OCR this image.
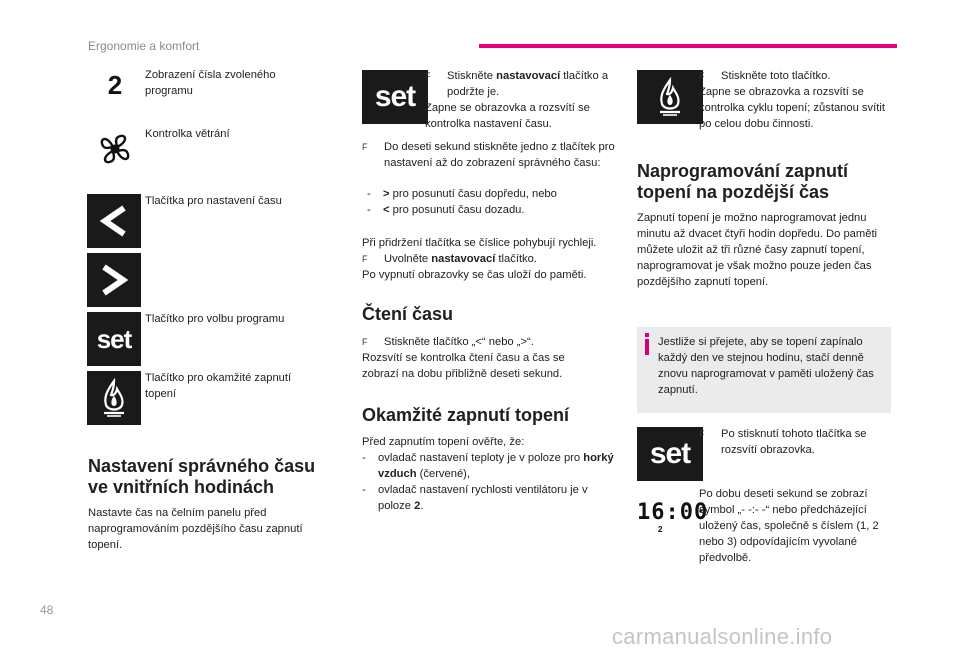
Ergonomie a komfort
48
carmanualsonline.info
2 Zobrazení čísla zvoleného programu
Kontrolka větrání
Tlačítka pro nastavení času
set
Tlačítko pro volbu programu
Tlačítko pro okamžité zapnutí topení
Nastavení správného času
ve vnitřních hodinách
Nastavte čas na čelním panelu před naprogramováním pozdějšího času zapnutí topení.
set
F	Stiskněte nastavovací tlačítko a podržte je.
Zapne se obrazovka a rozsvítí se kontrolka nastavení času.
F	Do deseti sekund stiskněte jedno z tlačítek pro nastavení až do zobrazení správného času:
-	> pro posunutí času dopředu, nebo
-	< pro posunutí času dozadu.
Při přidržení tlačítka se číslice pohybují rychleji.
F	Uvolněte nastavovací tlačítko.
Po vypnutí obrazovky se čas uloží do paměti.
Čtení času
F	Stiskněte tlačítko „<“ nebo „>“.
Rozsvítí se kontrolka čtení času a čas se zobrazí na dobu přibližně deseti sekund.
Okamžité zapnutí topení
Před zapnutím topení ověřte, že:
-	ovladač nastavení teploty je v poloze pro horký vzduch (červené),
-	ovladač nastavení rychlosti ventilátoru je v poloze 2.
F	Stiskněte toto tlačítko.
Zapne se obrazovka a rozsvítí se kontrolka cyklu topení; zůstanou svítit po celou dobu činnosti.
Naprogramování zapnutí
topení na pozdější čas
Zapnutí topení je možno naprogramovat jednu minutu až dvacet čtyři hodin dopředu. Do paměti můžete uložit až tři různé časy zapnutí topení, naprogramovat je však možno pouze jeden čas pozdějšího zapnutí topení.
Jestliže si přejete, aby se topení zapínalo každý den ve stejnou hodinu, stačí denně znovu naprogramovat v paměti uložený čas zapnutí.
set
F	Po stisknutí tohoto tlačítka se rozsvítí obrazovka.
16:00
2
Po dobu deseti sekund se zobrazí symbol „- -:- -“ nebo předcházející uložený čas, společně s číslem (1, 2 nebo 3) odpovídajícím vyvolané předvolbě.
